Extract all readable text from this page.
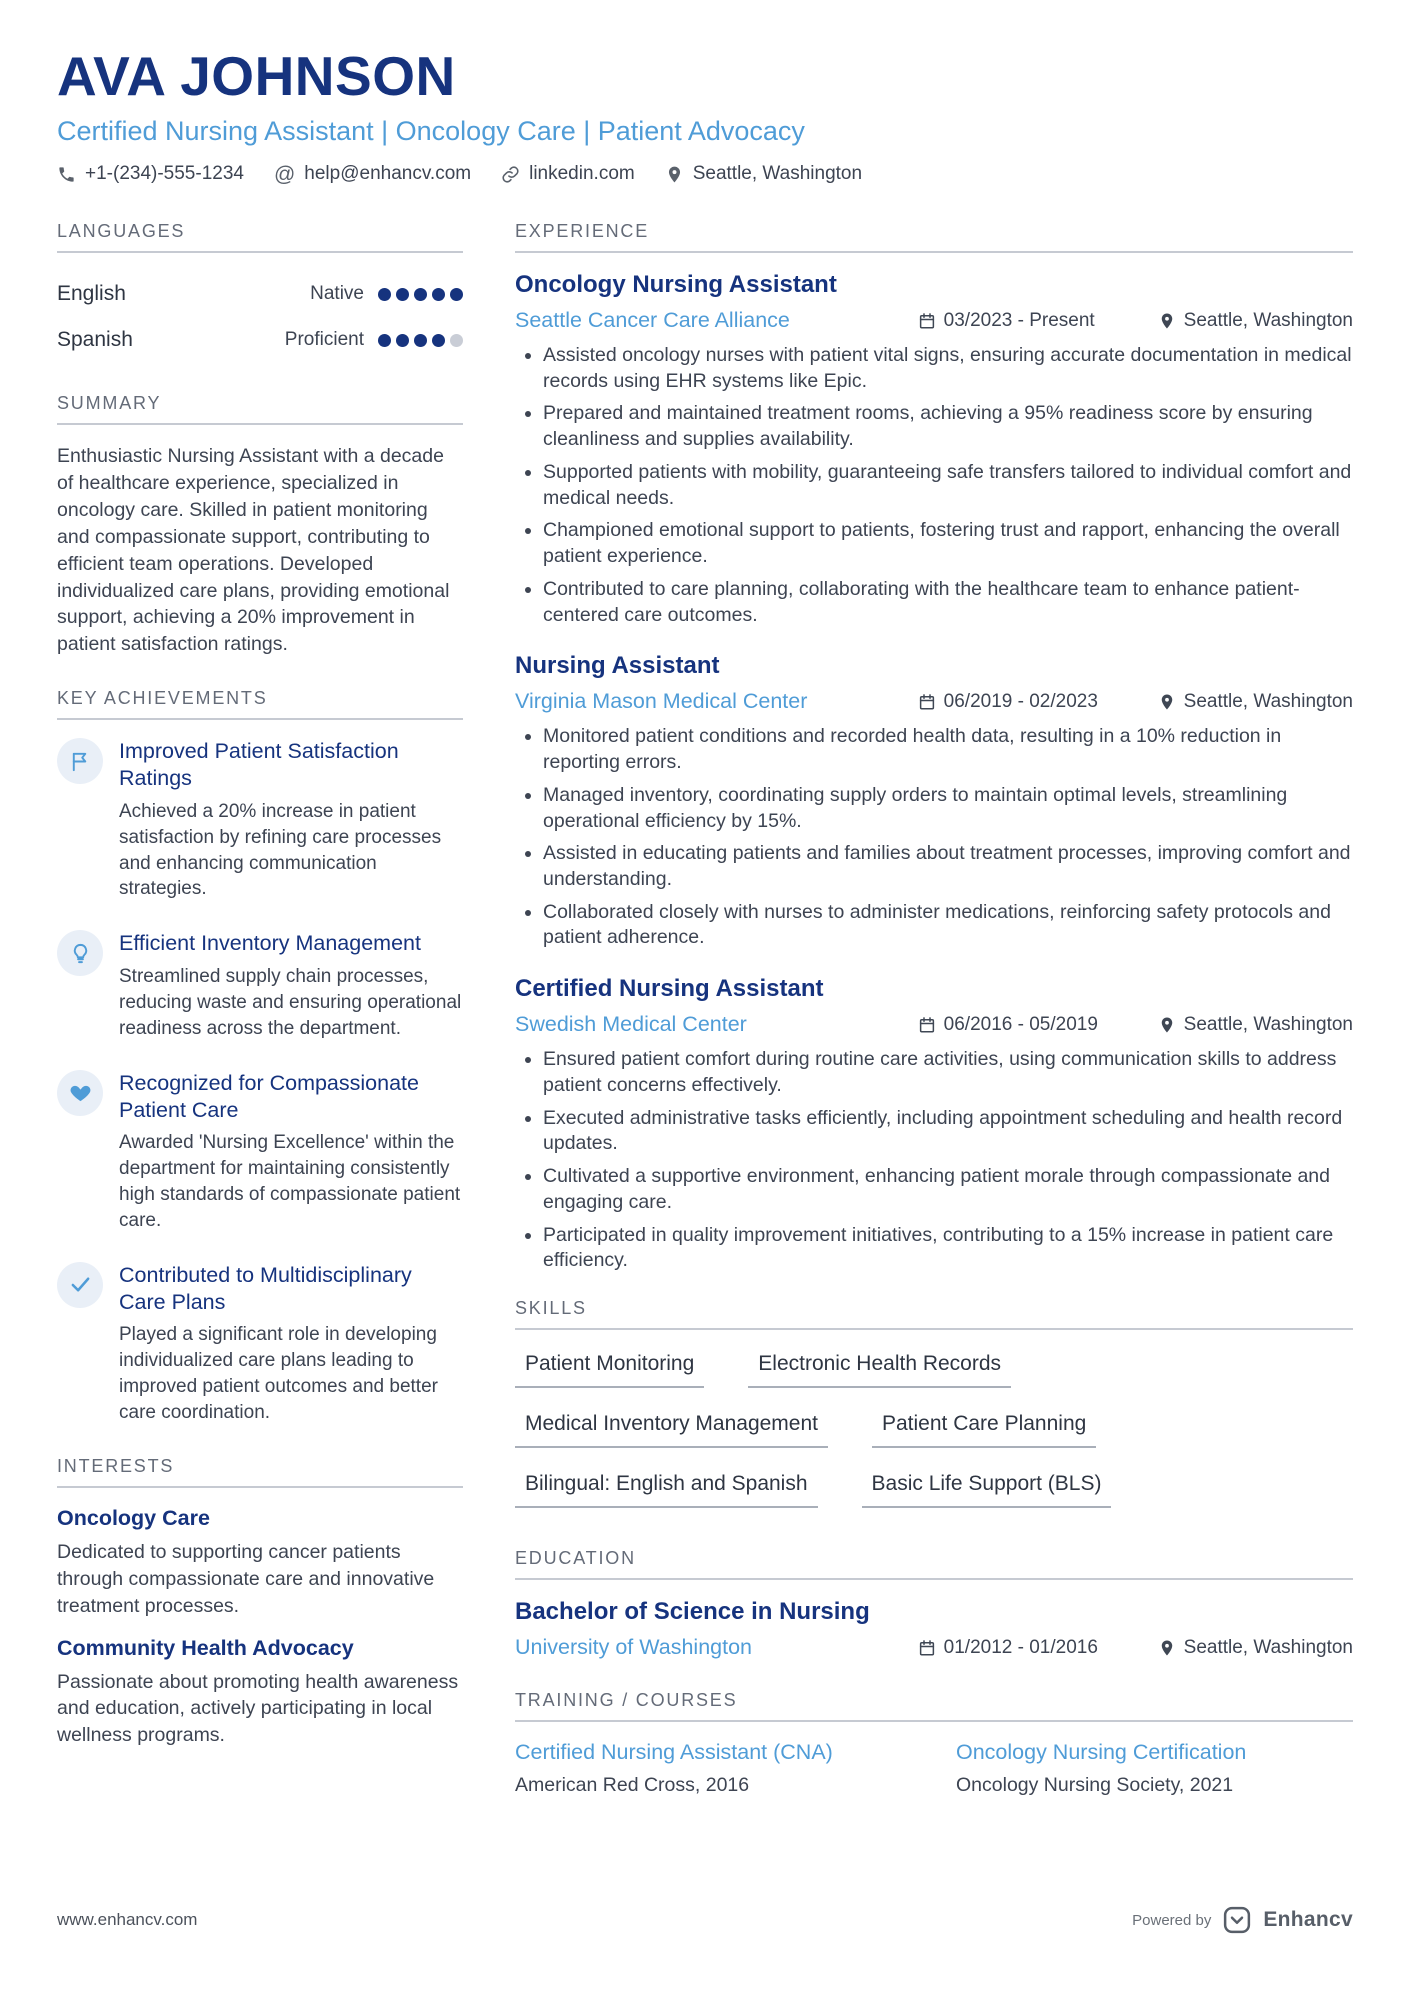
AVA JOHNSON
Certified Nursing Assistant | Oncology Care | Patient Advocacy
+1-(234)-555-1234 @ help@enhancv.com	linkedin.com	Seattle, Washington
LANGUAGES
English	Native
Spanish	Proficient
SUMMARY

Enthusiastic Nursing Assistant with a decade of healthcare experience, specialized in oncology care. Skilled in patient monitoring and compassionate support, contributing to efficient team operations. Developed individualized care plans, providing emotional support, achieving a 20% improvement in patient satisfaction ratings.

KEY ACHIEVEMENTS
Improved Patient Satisfaction Ratings
Achieved a 20% increase in patient satisfaction by refining care processes and enhancing communication strategies.
Efficient Inventory Management
Streamlined supply chain processes, reducing waste and ensuring operational readiness across the department.
Recognized for Compassionate Patient Care
Awarded 'Nursing Excellence' within the department for maintaining consistently high standards of compassionate patient care.
Contributed to Multidisciplinary Care Plans
Played a significant role in developing individualized care plans leading to improved patient outcomes and better care coordination.
INTERESTS
Oncology Care

Dedicated to supporting cancer patients through compassionate care and innovative treatment processes.

Community Health Advocacy

Passionate about promoting health awareness and education, actively participating in local wellness programs.

EXPERIENCE
Oncology Nursing Assistant
Seattle Cancer Care Alliance	03/2023 - Present	Seattle, Washington
• Assisted oncology nurses with patient vital signs, ensuring accurate documentation in medical records using EHR systems like Epic.
• Prepared and maintained treatment rooms, achieving a 95% readiness score by ensuring cleanliness and supplies availability.
• Supported patients with mobility, guaranteeing safe transfers tailored to individual comfort and medical needs.
• Championed emotional support to patients, fostering trust and rapport, enhancing the overall patient experience.
• Contributed to care planning, collaborating with the healthcare team to enhance patient-centered care outcomes.
Nursing Assistant
Virginia Mason Medical Center	06/2019 - 02/2023	Seattle, Washington
• Monitored patient conditions and recorded health data, resulting in a 10% reduction in reporting errors.
• Managed inventory, coordinating supply orders to maintain optimal levels, streamlining operational efficiency by 15%.
• Assisted in educating patients and families about treatment processes, improving comfort and understanding.
• Collaborated closely with nurses to administer medications, reinforcing safety protocols and patient adherence.
Certified Nursing Assistant
Swedish Medical Center	06/2016 - 05/2019	Seattle, Washington
• Ensured patient comfort during routine care activities, using communication skills to address patient concerns effectively.
• Executed administrative tasks efficiently, including appointment scheduling and health record updates.
• Cultivated a supportive environment, enhancing patient morale through compassionate and engaging care.
• Participated in quality improvement initiatives, contributing to a 15% increase in patient care efficiency.
SKILLS
Patient Monitoring	Electronic Health Records
Medical Inventory Management	Patient Care Planning
Bilingual: English and Spanish	Basic Life Support (BLS)
EDUCATION
Bachelor of Science in Nursing
University of Washington	01/2012 - 01/2016	Seattle, Washington
TRAINING / COURSES
Certified Nursing Assistant (CNA)
American Red Cross, 2016
Oncology Nursing Certification
Oncology Nursing Society, 2021
www.enhancv.com	Powered by Enhancv
